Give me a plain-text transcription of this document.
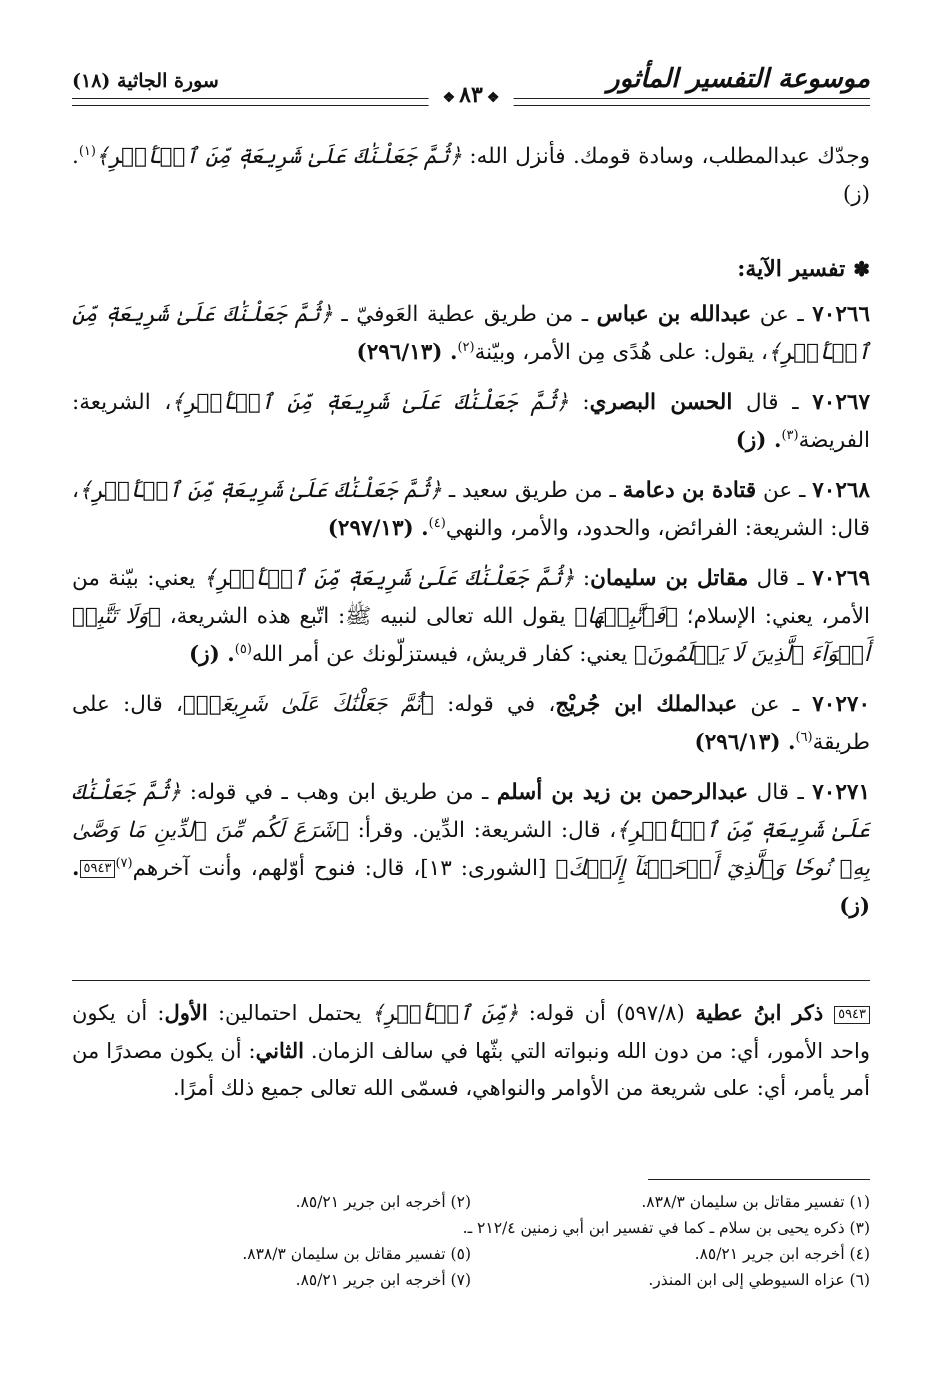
موسوعة التفسير المأثور
سورة الجاثية (١٨)
❖٨٣❖

وجدّك عبدالمطلب، وسادة قومك. فأنزل الله: ﴿ثُمَّ جَعَلْنَٰكَ عَلَىٰ شَرِيعَةٖ مِّنَ ٱلۡأَمۡرِ﴾$^{(١)}$. (ز)

✽تفسير الآية:

٧٠٢٦٦ ـ عن عبدالله بن عباس ـ من طريق عطية العَوفيّ ـ ﴿ثُمَّ جَعَلْنَٰكَ عَلَىٰ شَرِيعَةٖ مِّنَ ٱلۡأَمۡرِ﴾، يقول: على هُدًى مِن الأمر، وبيّنة$^{(٢)}$. (٢٩٦/١٣)

٧٠٢٦٧ ـ قال الحسن البصري: ﴿ثُمَّ جَعَلْنَٰكَ عَلَىٰ شَرِيعَةٖ مِّنَ ٱلۡأَمۡرِ﴾، الشريعة: الفريضة$^{(٣)}$. (ز)

٧٠٢٦٨ ـ عن قتادة بن دعامة ـ من طريق سعيد ـ ﴿ثُمَّ جَعَلْنَٰكَ عَلَىٰ شَرِيعَةٖ مِّنَ ٱلۡأَمۡرِ﴾، قال: الشريعة: الفرائض، والحدود، والأمر، والنهي$^{(٤)}$. (٢٩٧/١٣)

٧٠٢٦٩ ـ قال مقاتل بن سليمان: ﴿ثُمَّ جَعَلْنَٰكَ عَلَىٰ شَرِيعَةٖ مِّنَ ٱلۡأَمۡرِ﴾ يعني: بيّنة من الأمر، يعني: الإسلام؛ ﴿فَٱتَّبِعۡهَا﴾ يقول الله تعالى لنبيه ﷺ: اتّبع هذه الشريعة، ﴿وَلَا تَتَّبِعۡ أَهۡوَآءَ ٱلَّذِينَ لَا يَعۡلَمُونَ﴾ يعني: كفار قريش، فيستزلّونك عن أمر الله$^{(٥)}$. (ز)

٧٠٢٧٠ ـ عن عبدالملك ابن جُريْج، في قوله: ﴿ثُمَّ جَعَلْنَٰكَ عَلَىٰ شَرِيعَةٖ﴾، قال: على طريقة$^{(٦)}$. (٢٩٦/١٣)

٧٠٢٧١ ـ قال عبدالرحمن بن زيد بن أسلم ـ من طريق ابن وهب ـ في قوله: ﴿ثُمَّ جَعَلْنَٰكَ عَلَىٰ شَرِيعَةٖ مِّنَ ٱلۡأَمۡرِ﴾، قال: الشريعة: الدِّين. وقرأ: ﴿شَرَعَ لَكُم مِّنَ ٱلدِّينِ مَا وَصَّىٰ بِهِۦ نُوحٗا وَٱلَّذِيٓ أَوۡحَيۡنَآ إِلَيۡكَ﴾ [الشورى: ١٣]، قال: فنوح أوّلهم، وأنت آخرهم$^{(٧)}$٥٩٤٣. (ز)

٥٩٤٣ ذكر ابنُ عطية (٥٩٧/٨) أن قوله: ﴿مِّنَ ٱلۡأَمۡرِ﴾ يحتمل احتمالين: الأول: أن يكون واحد الأمور، أي: من دون الله ونبواته التي بثّها في سالف الزمان. الثاني: أن يكون مصدرًا من أمر يأمر، أي: على شريعة من الأوامر والنواهي، فسمّى الله تعالى جميع ذلك أمرًا.
(١) تفسير مقاتل بن سليمان ٨٣٨/٣.
(٢) أخرجه ابن جرير ٨٥/٢١.
(٣) ذكره يحيى بن سلام ـ كما في تفسير ابن أبي زمنين ٢١٢/٤ ـ.
(٤) أخرجه ابن جرير ٨٥/٢١.
(٥) تفسير مقاتل بن سليمان ٨٣٨/٣.
(٦) عزاه السيوطي إلى ابن المنذر.
(٧) أخرجه ابن جرير ٨٥/٢١.
